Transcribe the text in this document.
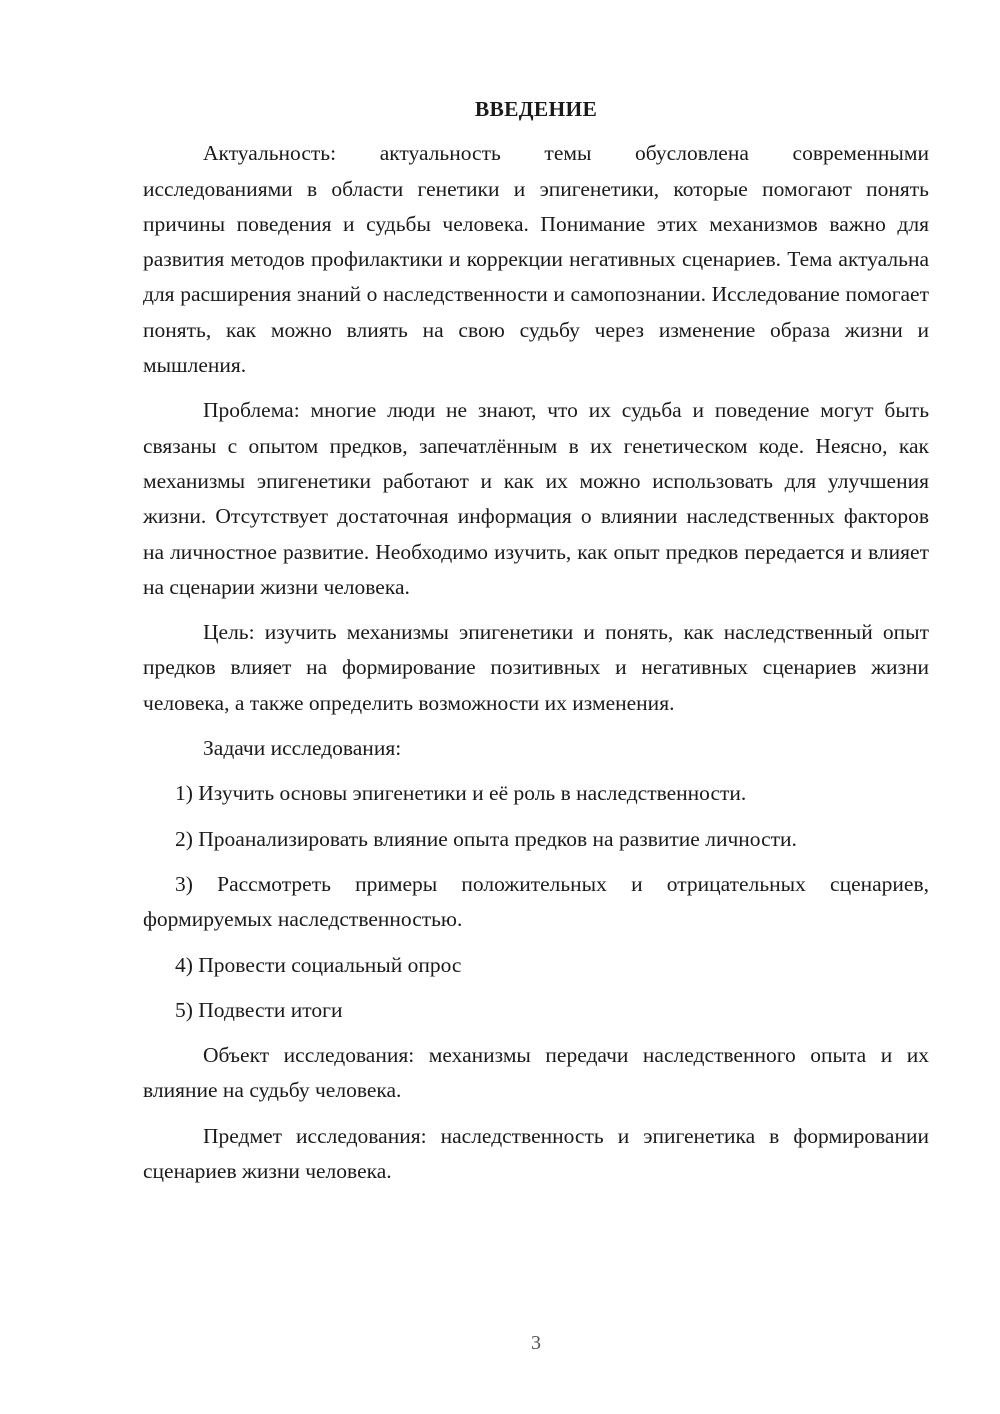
ВВЕДЕНИЕ

Актуальность: актуальность темы обусловлена современными исследованиями в области генетики и эпигенетики, которые помогают понять причины поведения и судьбы человека. Понимание этих механизмов важно для развития методов профилактики и коррекции негативных сценариев. Тема актуальна для расширения знаний о наследственности и самопознании. Исследование помогает понять, как можно влиять на свою судьбу через изменение образа жизни и мышления.

Проблема: многие люди не знают, что их судьба и поведение могут быть связаны с опытом предков, запечатлённым в их генетическом коде. Неясно, как механизмы эпигенетики работают и как их можно использовать для улучшения жизни. Отсутствует достаточная информация о влиянии наследственных факторов на личностное развитие. Необходимо изучить, как опыт предков передается и влияет на сценарии жизни человека.

Цель: изучить механизмы эпигенетики и понять, как наследственный опыт предков влияет на формирование позитивных и негативных сценариев жизни человека, а также определить возможности их изменения.

Задачи исследования:

1) Изучить основы эпигенетики и её роль в наследственности.

2) Проанализировать влияние опыта предков на развитие личности.

3) Рассмотреть примеры положительных и отрицательных сценариев, формируемых наследственностью.

4) Провести социальный опрос

5) Подвести итоги

Объект исследования: механизмы передачи наследственного опыта и их влияние на судьбу человека.

Предмет исследования: наследственность и эпигенетика в формировании сценариев жизни человека.

3
